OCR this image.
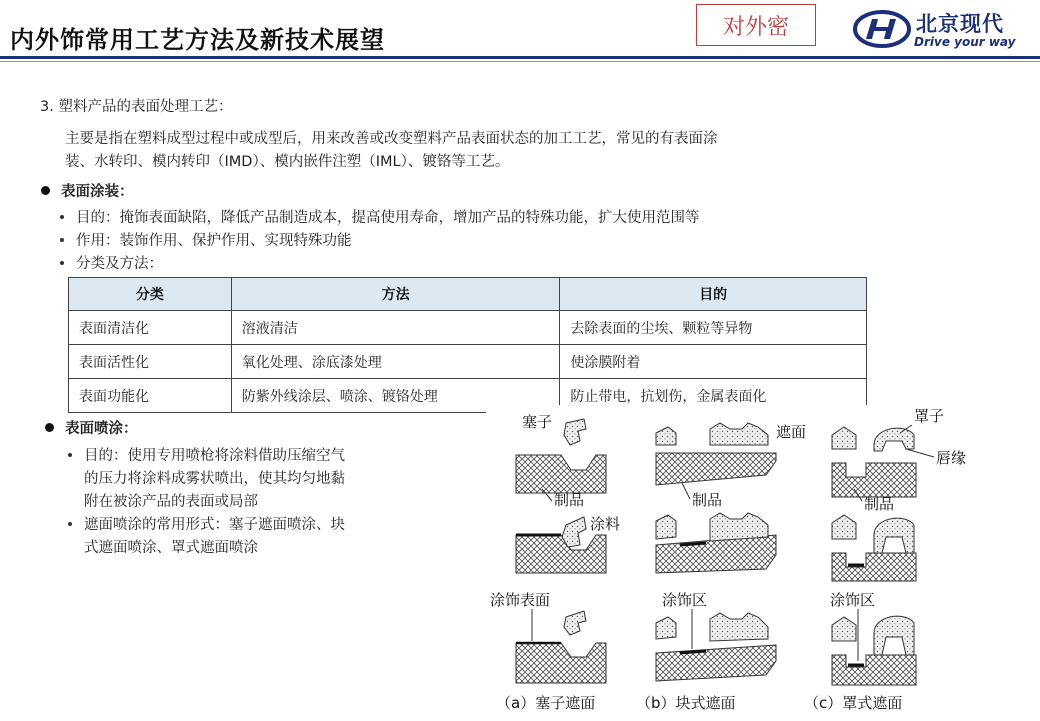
内外饰常用工艺方法及新技术展望	对外密	北京现代
Drive your way
3. 塑料产品的表面处理工艺：
主要是指在塑料成型过程中或成型后，用来改善或改变塑料产品表面状态的加工工艺，常见的有表面涂
装、水转印、模内转印（IMD）、模内嵌件注塑（IML）、镀铬等工艺。
表面涂装：
目的：掩饰表面缺陷，降低产品制造成本，提高使用寿命，增加产品的特殊功能，扩大使用范围等
作用：装饰作用、保护作用、实现特殊功能
分类及方法：
分类	方法	目的
表面清洁化	溶液清洁	去除表面的尘埃、颗粒等异物
表面活性化	氧化处理、涂底漆处理	使涂膜附着
表面功能化	防紫外线涂层、喷涂、镀铬处理	防止带电，抗划伤，金属表面化
表面喷涂：
目的：使用专用喷枪将涂料借助压缩空气
的压力将涂料成雾状喷出，使其均匀地黏
附在被涂产品的表面或局部
遮面喷涂的常用形式：塞子遮面喷涂、块
式遮面喷涂、罩式遮面喷涂
塞子
制品
涂料
涂饰表面
（a）塞子遮面
遮面
制品
涂饰区
（b）块式遮面
罩子
唇缘
制品
涂饰区
（c）罩式遮面
